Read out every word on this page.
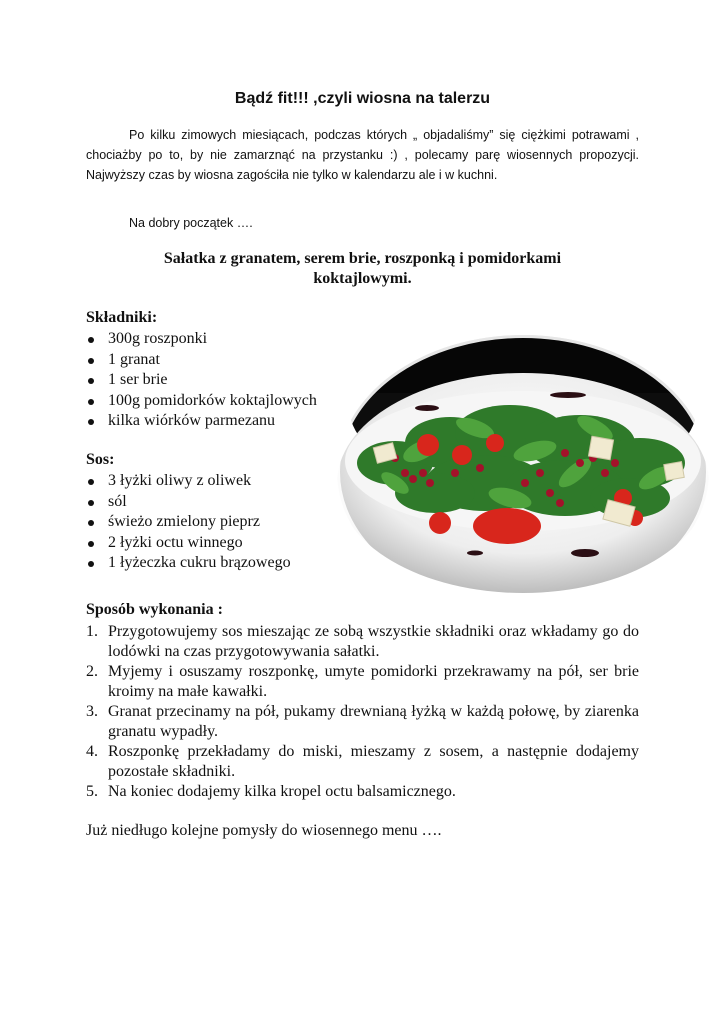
Bądź fit!!! ,czyli wiosna na talerzu

Po kilku zimowych miesiącach, podczas których „ objadaliśmy” się ciężkimi potrawami , chociażby po to, by nie zamarznąć na przystanku :) , polecamy parę wiosennych propozycji. Najwyższy czas by wiosna zagościła nie tylko w kalendarzu ale i w kuchni.

Na dobry początek ….
Sałatka z granatem, serem brie, roszponką i pomidorkami
koktajlowymi.
Składniki:
300g roszponki
1 granat
1 ser brie
100g pomidorków koktajlowych
kilka wiórków parmezanu
Sos:
3 łyżki oliwy z oliwek
sól
świeżo zmielony pieprz
2 łyżki octu winnego
1 łyżeczka cukru brązowego
Sposób wykonania :
1. Przygotowujemy sos mieszając ze sobą wszystkie składniki oraz wkładamy go do lodówki na czas przygotowywania sałatki.
2. Myjemy i osuszamy roszponkę, umyte pomidorki przekrawamy na pół, ser brie kroimy na małe kawałki.
3. Granat przecinamy na pół, pukamy drewnianą łyżką w każdą połowę, by ziarenka granatu wypadły.
4. Roszponkę przekładamy do miski, mieszamy z sosem, a następnie dodajemy pozostałe składniki.
5. Na koniec dodajemy kilka kropel octu balsamicznego.
Już niedługo kolejne pomysły do wiosennego menu ….
